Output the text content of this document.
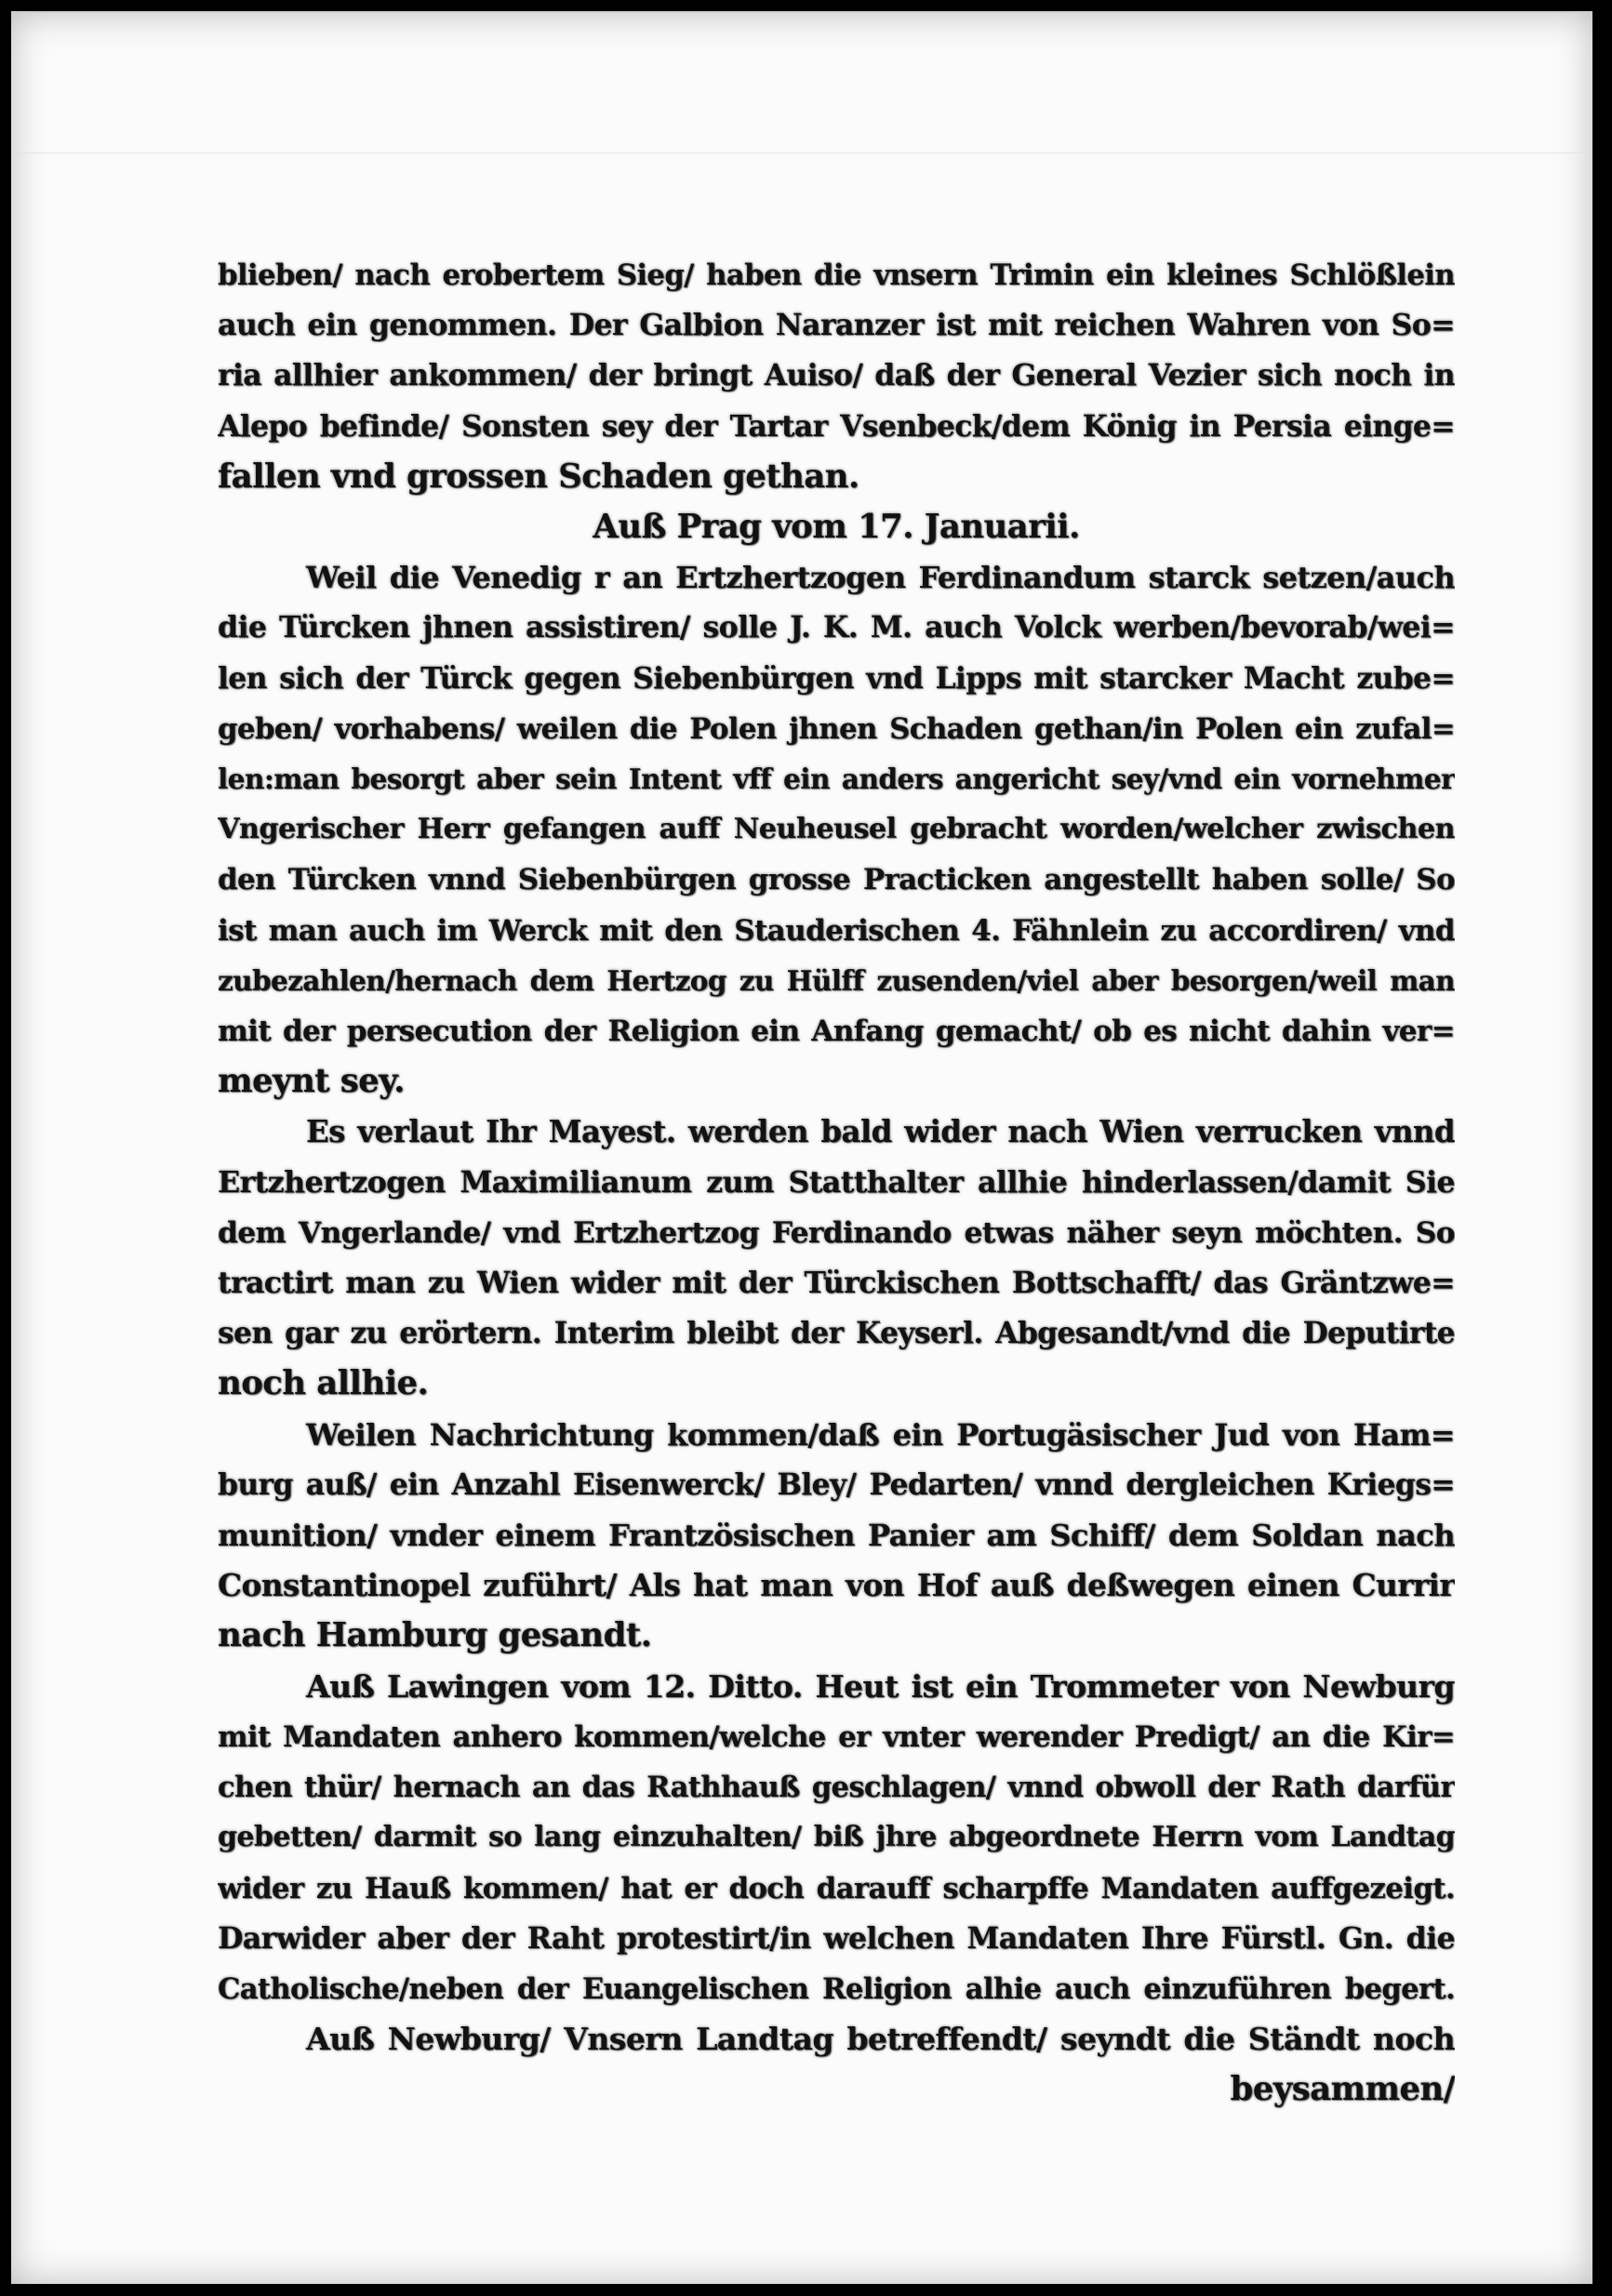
blieben/ nach erobertem Sieg/ haben die vnsern Trimin ein kleines Schlößlein
auch ein genommen. Der Galbion Naranzer ist mit reichen Wahren von So=
ria allhier ankommen/ der bringt Auiso/ daß der General Vezier sich noch in
Alepo befinde/ Sonsten sey der Tartar Vsenbeck/dem König in Persia einge=
fallen vnd grossen Schaden gethan.
Auß Prag vom 17. Januarii.
Weil die Venedig r an Ertzhertzogen Ferdinandum starck setzen/auch
die Türcken jhnen assistiren/ solle J. K. M. auch Volck werben/bevorab/wei=
len sich der Türck gegen Siebenbürgen vnd Lipps mit starcker Macht zube=
geben/ vorhabens/ weilen die Polen jhnen Schaden gethan/in Polen ein zufal=
len:man besorgt aber sein Intent vff ein anders angericht sey/vnd ein vornehmer
Vngerischer Herr gefangen auff Neuheusel gebracht worden/welcher zwischen
den Türcken vnnd Siebenbürgen grosse Practicken angestellt haben solle/ So
ist man auch im Werck mit den Stauderischen 4. Fähnlein zu accordiren/ vnd
zubezahlen/hernach dem Hertzog zu Hülff zusenden/viel aber besorgen/weil man
mit der persecution der Religion ein Anfang gemacht/ ob es nicht dahin ver=
meynt sey.
Es verlaut Ihr Mayest. werden bald wider nach Wien verrucken vnnd
Ertzhertzogen Maximilianum zum Statthalter allhie hinderlassen/damit Sie
dem Vngerlande/ vnd Ertzhertzog Ferdinando etwas näher seyn möchten. So
tractirt man zu Wien wider mit der Türckischen Bottschafft/ das Gräntzwe=
sen gar zu erörtern. Interim bleibt der Keyserl. Abgesandt/vnd die Deputirte
noch allhie.
Weilen Nachrichtung kommen/daß ein Portugäsischer Jud von Ham=
burg auß/ ein Anzahl Eisenwerck/ Bley/ Pedarten/ vnnd dergleichen Kriegs=
munition/ vnder einem Frantzösischen Panier am Schiff/ dem Soldan nach
Constantinopel zuführt/ Als hat man von Hof auß deßwegen einen Currir
nach Hamburg gesandt.
Auß Lawingen vom 12. Ditto. Heut ist ein Trommeter von Newburg
mit Mandaten anhero kommen/welche er vnter werender Predigt/ an die Kir=
chen thür/ hernach an das Rathhauß geschlagen/ vnnd obwoll der Rath darfür
gebetten/ darmit so lang einzuhalten/ biß jhre abgeordnete Herrn vom Landtag
wider zu Hauß kommen/ hat er doch darauff scharpffe Mandaten auffgezeigt.
Darwider aber der Raht protestirt/in welchen Mandaten Ihre Fürstl. Gn. die
Catholische/neben der Euangelischen Religion alhie auch einzuführen begert.
Auß Newburg/ Vnsern Landtag betreffendt/ seyndt die Ständt noch
beysammen/
